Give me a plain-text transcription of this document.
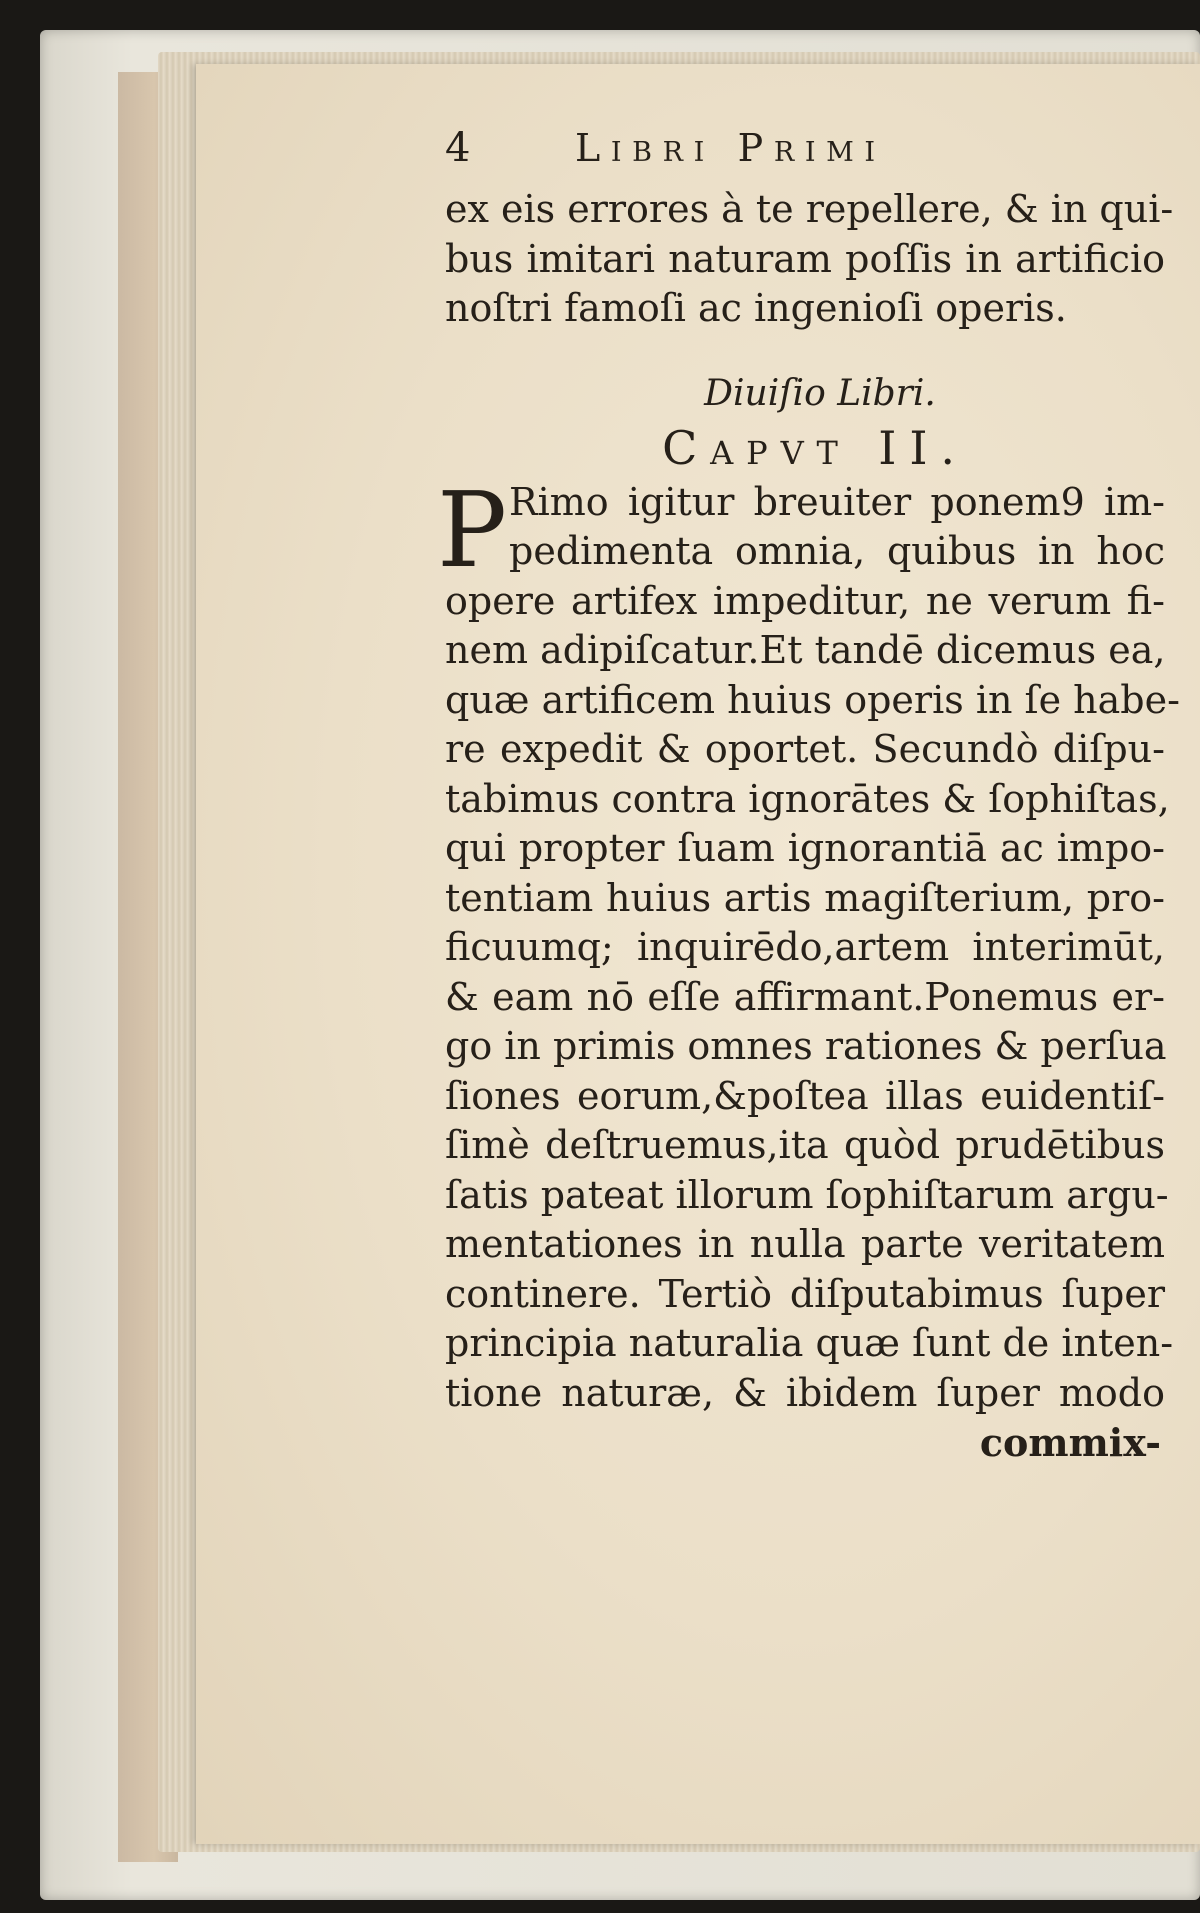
4	Libri Primi
ex eis errores à te repellere, & in qui-
bus imitari naturam poſſis in artificio
noſtri famoſi ac ingenioſi operis.
Diuiſio Libri.
Capvt II.
P Rimo igitur breuiter ponem9 im-
pedimenta omnia, quibus in hoc
opere artifex impeditur, ne verum fi-
nem adipiſcatur.Et tandē dicemus ea,
quæ artificem huius operis in ſe habe-
re expedit & oportet. Secundò diſpu-
tabimus contra ignorātes & ſophiſtas,
qui propter ſuam ignorantiā ac impo-
tentiam huius artis magiſterium, pro-
ficuumq; inquirēdo,artem interimūt,
& eam nō eſſe affirmant.Ponemus er-
go in primis omnes rationes & perſua
ſiones eorum,&poſtea illas euidentiſ-
ſimè deſtruemus,ita quòd prudētibus
ſatis pateat illorum ſophiſtarum argu-
mentationes in nulla parte veritatem
continere. Tertiò diſputabimus ſuper
principia naturalia quæ ſunt de inten-
tione naturæ, & ibidem ſuper modo
commix-
